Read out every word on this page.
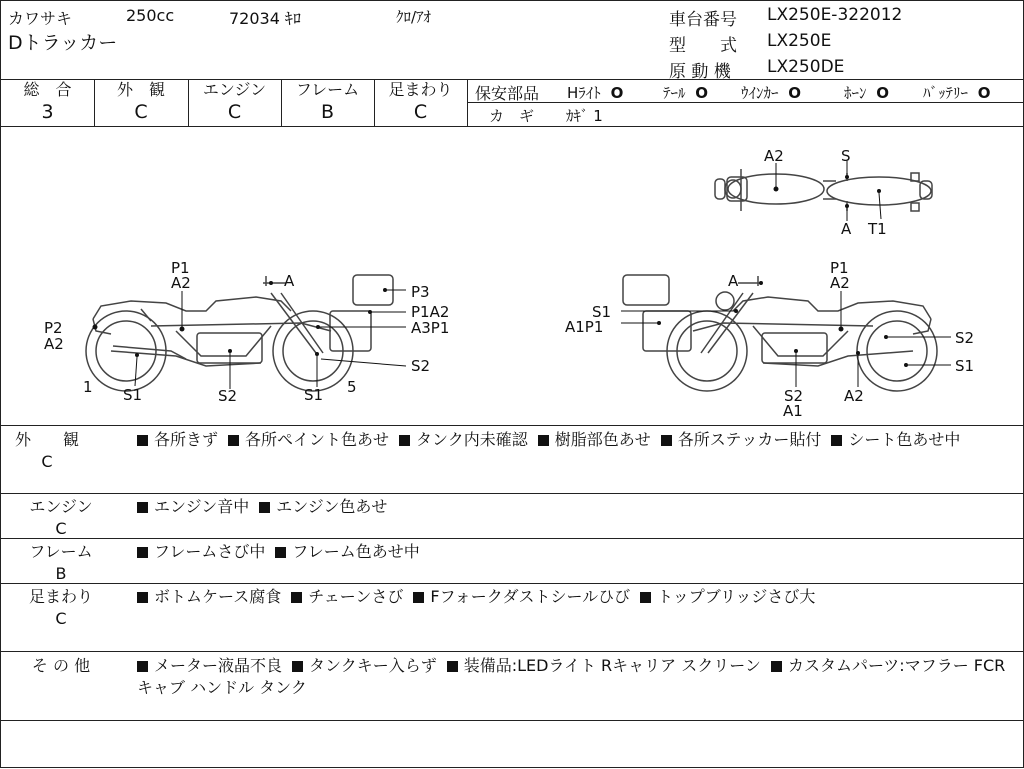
カワサキ	250cc	72034 ｷﾛ	ｸﾛ/ｱｵ
Dトラッカー
車台番号 LX250E-322012
型　　式 LX250E
原 動 機 LX250DE
総　合
3
外　観
C
エンジン
C
フレーム
B
足まわり
C
保安部品 Hﾗｲﾄ O	ﾃｰﾙ O ｳｲﾝｶｰ O	ﾎｰﾝ O ﾊﾞｯﾃﾘｰ O
カ　ギ ｶｷﾞ 1
A2	S
A T1
P1
A2	A
P3
P1A2
A3P1
P2
A2
S2
1 S1	S2	S1 5
A
P1
A2
S1
A1P1
S2
S1
S2
A1
A2
外　　観
C
各所きず 各所ペイント色あせ タンク内未確認 樹脂部色あせ 各所ステッカー貼付 シート色あせ中
エンジン
C
エンジン音中 エンジン色あせ
フレーム
B
フレームさび中 フレーム色あせ中
足まわり
C
ボトムケース腐食 チェーンさび Fフォークダストシールひび トップブリッジさび大
そ の 他	メーター液晶不良 タンクキー入らず 装備品:LEDライト Rキャリア スクリーン カスタムパーツ:マフラー FCRキャブ ハンドル タンク
